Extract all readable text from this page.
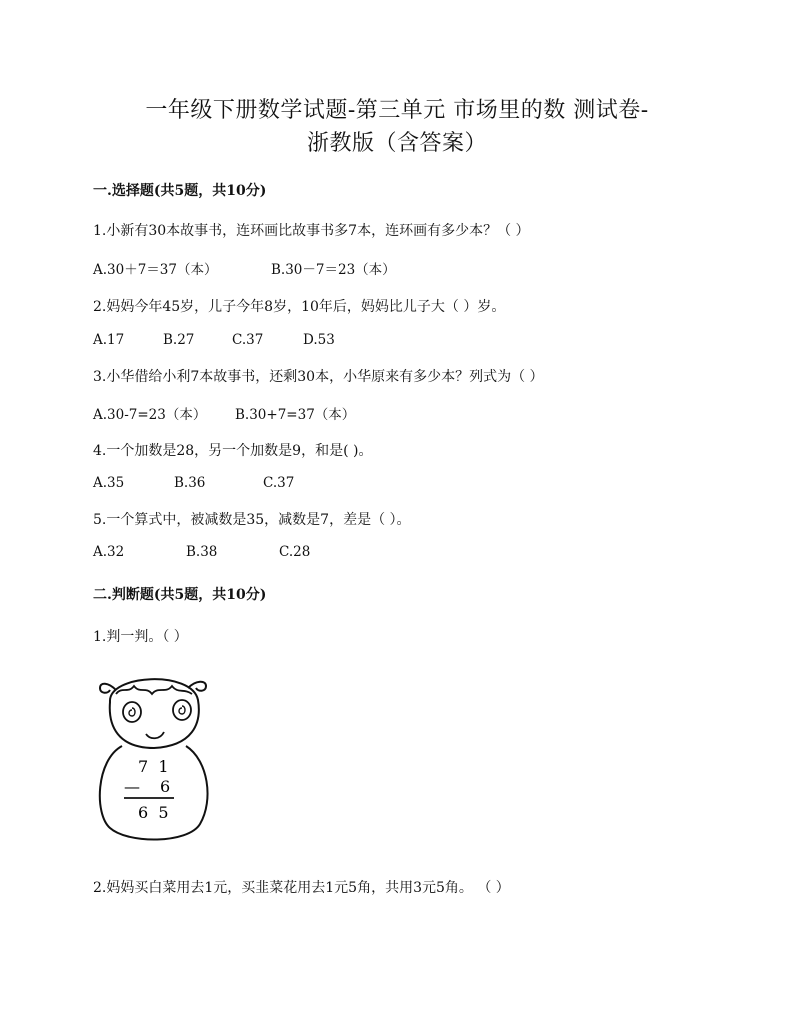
一年级下册数学试题-第三单元 市场里的数 测试卷-
浙教版（含答案）
一.选择题(共5题，共10分)
1.小新有30本故事书，连环画比故事书多7本，连环画有多少本？（ ）
A.30＋7＝37（本）	B.30－7＝23（本）
2.妈妈今年45岁，儿子今年8岁，10年后，妈妈比儿子大（ ）岁。
A.17	B.27	C.37	D.53
3.小华借给小利7本故事书，还剩30本，小华原来有多少本？列式为（ ）
A.30-7=23（本） B.30+7=37（本）
4.一个加数是28，另一个加数是9，和是( )。
A.35	B.36	C.37
5.一个算式中，被减数是35，减数是7，差是（ ）。
A.32	B.38	C.28
二.判断题(共5题，共10分)
1.判一判。（ ）
7  1
— 6
6  5
2.妈妈买白菜用去1元，买韭菜花用去1元5角，共用3元5角。 （ ）
